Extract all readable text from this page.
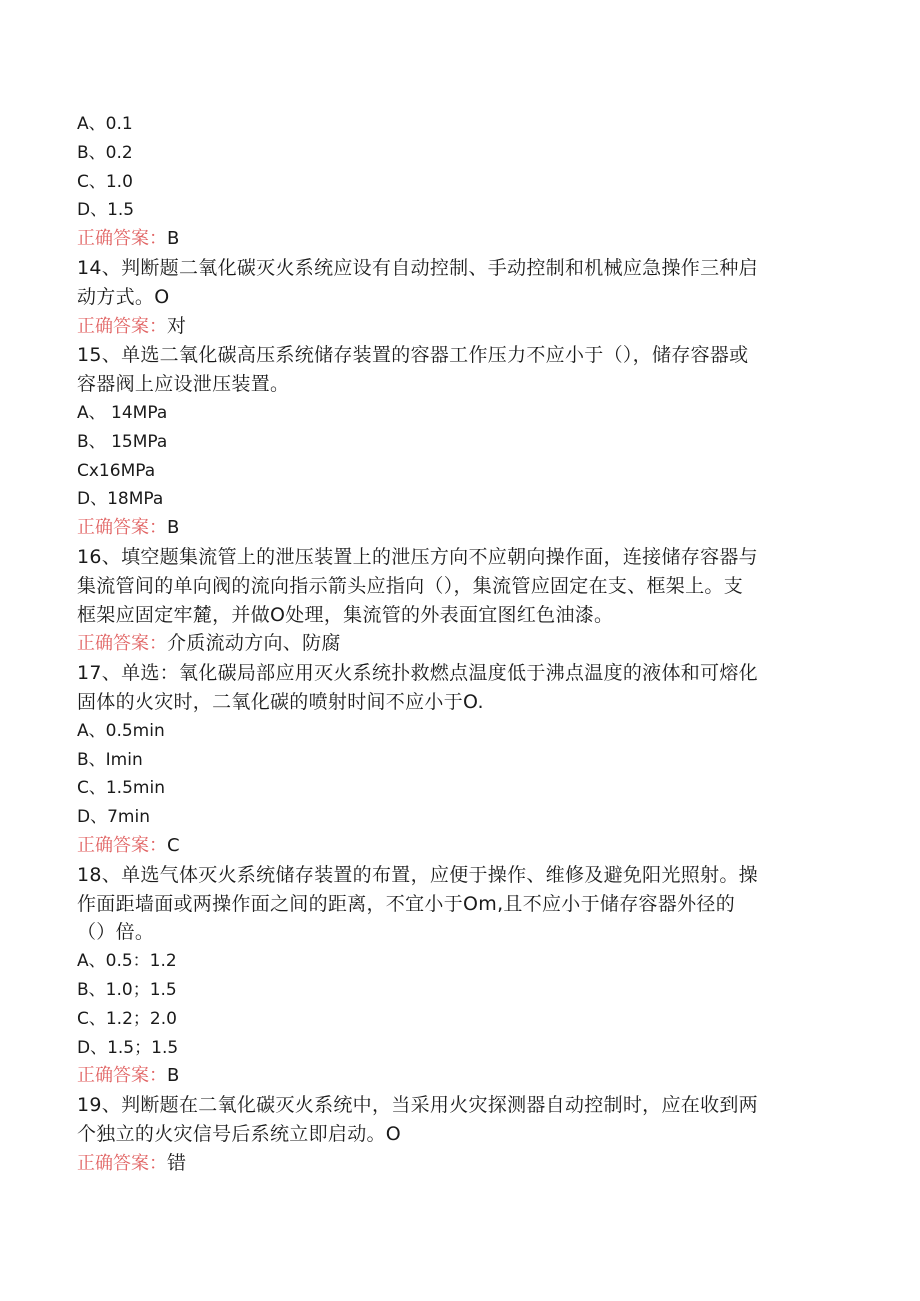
A、0.1
B、0.2
C、1.0
D、1.5
正确答案：B
14、判断题二氧化碳灭火系统应设有自动控制、手动控制和机械应急操作三种启
动方式。O
正确答案：对
15、单选二氧化碳高压系统储存装置的容器工作压力不应小于（），储存容器或
容器阀上应设泄压装置。
A、 14MPa
B、 15MPa
Cx16MPa
D、18MPa
正确答案：B
16、填空题集流管上的泄压装置上的泄压方向不应朝向操作面，连接储存容器与
集流管间的单向阀的流向指示箭头应指向（），集流管应固定在支、框架上。支
框架应固定牢麓，并做O处理，集流管的外表面宜图红色油漆。
正确答案：介质流动方向、防腐
17、单选：氧化碳局部应用灭火系统扑救燃点温度低于沸点温度的液体和可熔化
固体的火灾时，二氧化碳的喷射时间不应小于O.
A、0.5min
B、Imin
C、1.5min
D、7min
正确答案：C
18、单选气体灭火系统储存装置的布置，应便于操作、维修及避免阳光照射。操
作面距墙面或两操作面之间的距离，不宜小于Om,且不应小于储存容器外径的
（）倍。
A、0.5：1.2
B、1.0；1.5
C、1.2；2.0
D、1.5；1.5
正确答案：B
19、判断题在二氧化碳灭火系统中，当采用火灾探测器自动控制时，应在收到两
个独立的火灾信号后系统立即启动。O
正确答案：错
